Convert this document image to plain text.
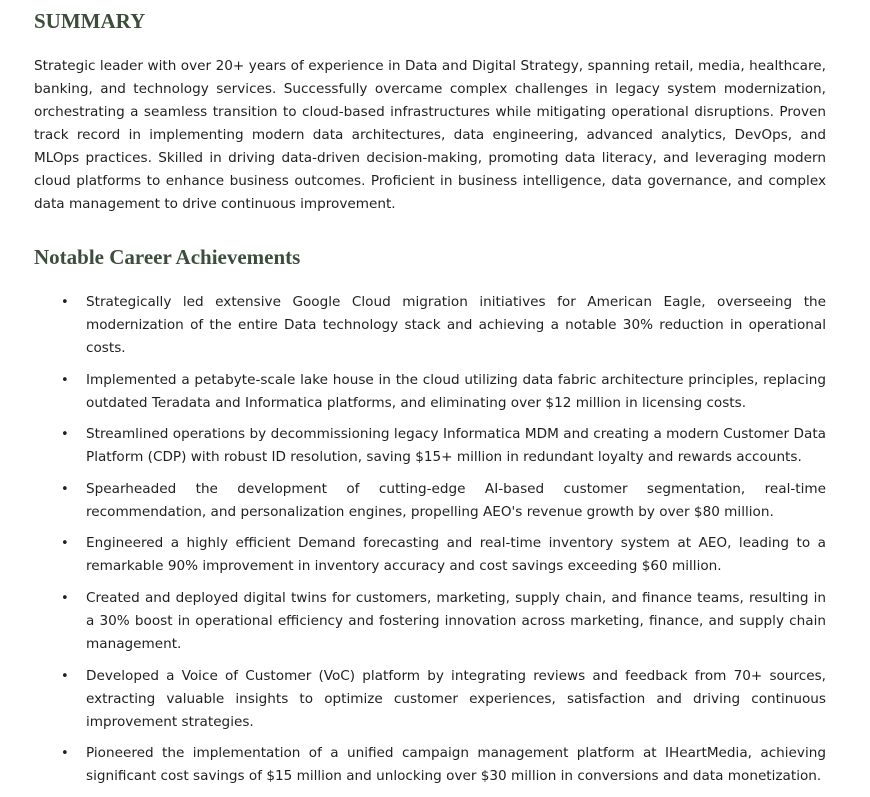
SUMMARY

Strategic leader with over 20+ years of experience in Data and Digital Strategy, spanning retail, media, healthcare, banking, and technology services. Successfully overcame complex challenges in legacy system modernization, orchestrating a seamless transition to cloud-based infrastructures while mitigating operational disruptions. Proven track record in implementing modern data architectures, data engineering, advanced analytics, DevOps, and MLOps practices. Skilled in driving data-driven decision-making, promoting data literacy, and leveraging modern cloud platforms to enhance business outcomes. Proficient in business intelligence, data governance, and complex data management to drive continuous improvement.

Notable Career Achievements
• Strategically led extensive Google Cloud migration initiatives for American Eagle, overseeing the modernization of the entire Data technology stack and achieving a notable 30% reduction in operational costs.
• Implemented a petabyte-scale lake house in the cloud utilizing data fabric architecture principles, replacing outdated Teradata and Informatica platforms, and eliminating over $12 million in licensing costs.
• Streamlined operations by decommissioning legacy Informatica MDM and creating a modern Customer Data Platform (CDP) with robust ID resolution, saving $15+ million in redundant loyalty and rewards accounts.
• Spearheaded the development of cutting-edge AI-based customer segmentation, real-time recommendation, and personalization engines, propelling AEO's revenue growth by over $80 million.
• Engineered a highly efficient Demand forecasting and real-time inventory system at AEO, leading to a remarkable 90% improvement in inventory accuracy and cost savings exceeding $60 million.
• Created and deployed digital twins for customers, marketing, supply chain, and finance teams, resulting in a 30% boost in operational efficiency and fostering innovation across marketing, finance, and supply chain management.
• Developed a Voice of Customer (VoC) platform by integrating reviews and feedback from 70+ sources, extracting valuable insights to optimize customer experiences, satisfaction and driving continuous improvement strategies.
• Pioneered the implementation of a unified campaign management platform at IHeartMedia, achieving significant cost savings of $15 million and unlocking over $30 million in conversions and data monetization.
